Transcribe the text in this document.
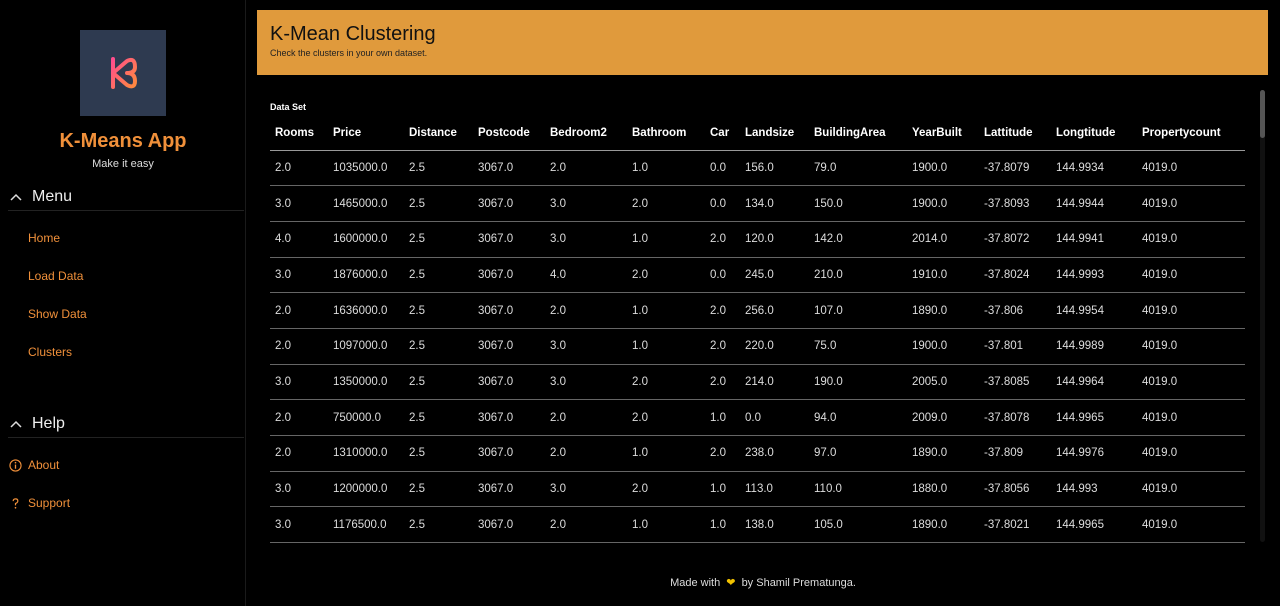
K-Means App
Make it easy
Menu
Home
Load Data
Show Data
Clusters
Help
About
Support
K-Mean Clustering
Check the clusters in your own dataset.
Data Set
Rooms	Price	Distance	Postcode	Bedroom2	Bathroom	Car	Landsize	BuildingArea	YearBuilt	Lattitude	Longtitude	Propertycount
2.0	1035000.0	2.5	3067.0	2.0	1.0	0.0	156.0	79.0	1900.0	-37.8079	144.9934	4019.0
3.0	1465000.0	2.5	3067.0	3.0	2.0	0.0	134.0	150.0	1900.0	-37.8093	144.9944	4019.0
4.0	1600000.0	2.5	3067.0	3.0	1.0	2.0	120.0	142.0	2014.0	-37.8072	144.9941	4019.0
3.0	1876000.0	2.5	3067.0	4.0	2.0	0.0	245.0	210.0	1910.0	-37.8024	144.9993	4019.0
2.0	1636000.0	2.5	3067.0	2.0	1.0	2.0	256.0	107.0	1890.0	-37.806	144.9954	4019.0
2.0	1097000.0	2.5	3067.0	3.0	1.0	2.0	220.0	75.0	1900.0	-37.801	144.9989	4019.0
3.0	1350000.0	2.5	3067.0	3.0	2.0	2.0	214.0	190.0	2005.0	-37.8085	144.9964	4019.0
2.0	750000.0	2.5	3067.0	2.0	2.0	1.0	0.0	94.0	2009.0	-37.8078	144.9965	4019.0
2.0	1310000.0	2.5	3067.0	2.0	1.0	2.0	238.0	97.0	1890.0	-37.809	144.9976	4019.0
3.0	1200000.0	2.5	3067.0	3.0	2.0	1.0	113.0	110.0	1880.0	-37.8056	144.993	4019.0
3.0	1176500.0	2.5	3067.0	2.0	1.0	1.0	138.0	105.0	1890.0	-37.8021	144.9965	4019.0
Made with ❤ by Shamil Prematunga.
